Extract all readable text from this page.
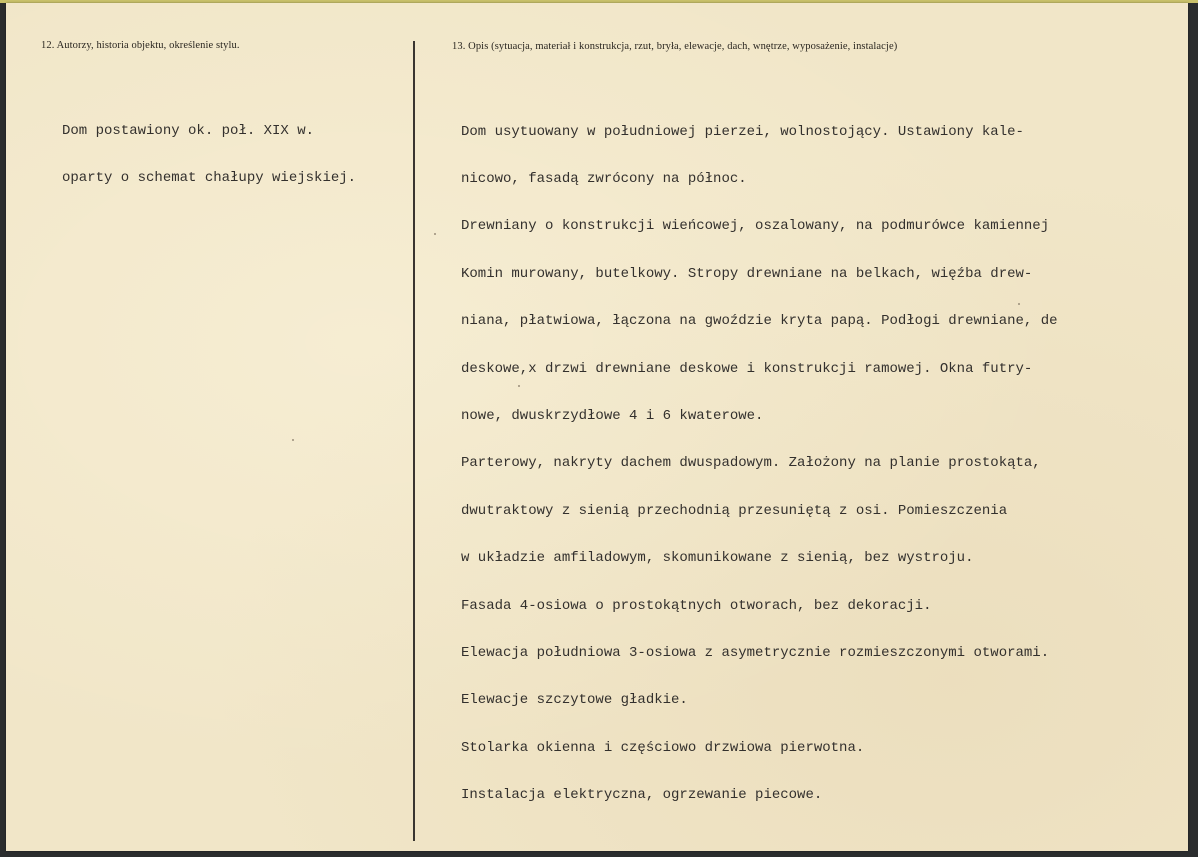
12. Autorzy, historia objektu, określenie stylu.	13. Opis (sytuacja, materiał i konstrukcja, rzut, bryła, elewacje, dach, wnętrze, wyposażenie, instalacje)

Dom postawiony ok. poł. XIX w.

oparty o schemat chałupy wiejskiej.

Dom usytuowany w południowej pierzei, wolnostojący. Ustawiony kale-

nicowo, fasadą zwrócony na północ.

Drewniany o konstrukcji wieńcowej, oszalowany, na podmurówce kamiennej

Komin murowany, butelkowy. Stropy drewniane na belkach, więźba drew-

niana, płatwiowa, łączona na gwoździe kryta papą. Podłogi drewniane, de

deskowe,x drzwi drewniane deskowe i konstrukcji ramowej. Okna futry-

nowe, dwuskrzydłowe 4 i 6 kwaterowe.

Parterowy, nakryty dachem dwuspadowym. Założony na planie prostokąta,

dwutraktowy z sienią przechodnią przesuniętą z osi. Pomieszczenia

w układzie amfiladowym, skomunikowane z sienią, bez wystroju.

Fasada 4-osiowa o prostokątnych otworach, bez dekoracji.

Elewacja południowa 3-osiowa z asymetrycznie rozmieszczonymi otworami.

Elewacje szczytowe gładkie.

Stolarka okienna i częściowo drzwiowa pierwotna.

Instalacja elektryczna, ogrzewanie piecowe.
